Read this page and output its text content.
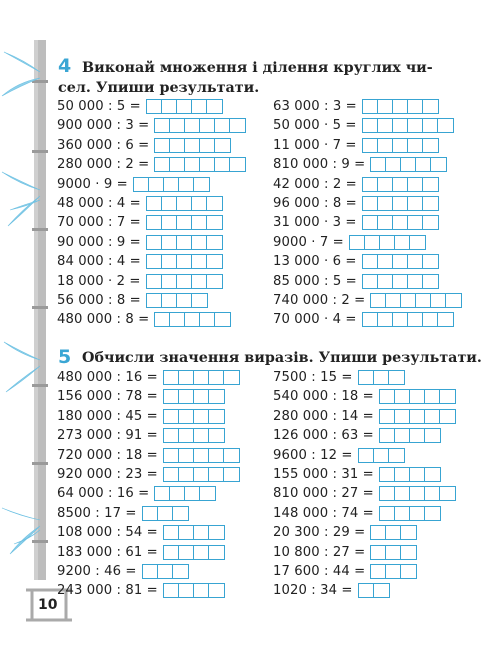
4 Виконай множення і ділення круглих чи-
сел. Упиши результати.
50 000 : 5 =
900 000 : 3 =
360 000 : 6 =
280 000 : 2 =
9000 · 9 =
48 000 : 4 =
70 000 : 7 =
90 000 : 9 =
84 000 : 4 =
18 000 · 2 =
56 000 : 8 =
480 000 : 8 =
63 000 : 3 =
50 000 · 5 =
11 000 · 7 =
810 000 : 9 =
42 000 : 2 =
96 000 : 8 =
31 000 · 3 =
9000 · 7 =
13 000 · 6 =
85 000 : 5 =
740 000 : 2 =
70 000 · 4 =
5 Обчисли значення виразів. Упиши результати.
480 000 : 16 =
156 000 : 78 =
180 000 : 45 =
273 000 : 91 =
720 000 : 18 =
920 000 : 23 =
64 000 : 16 =
8500 : 17 =
108 000 : 54 =
183 000 : 61 =
9200 : 46 =
243 000 : 81 =
7500 : 15 =
540 000 : 18 =
280 000 : 14 =
126 000 : 63 =
9600 : 12 =
155 000 : 31 =
810 000 : 27 =
148 000 : 74 =
20 300 : 29 =
10 800 : 27 =
17 600 : 44 =
1020 : 34 =
10
